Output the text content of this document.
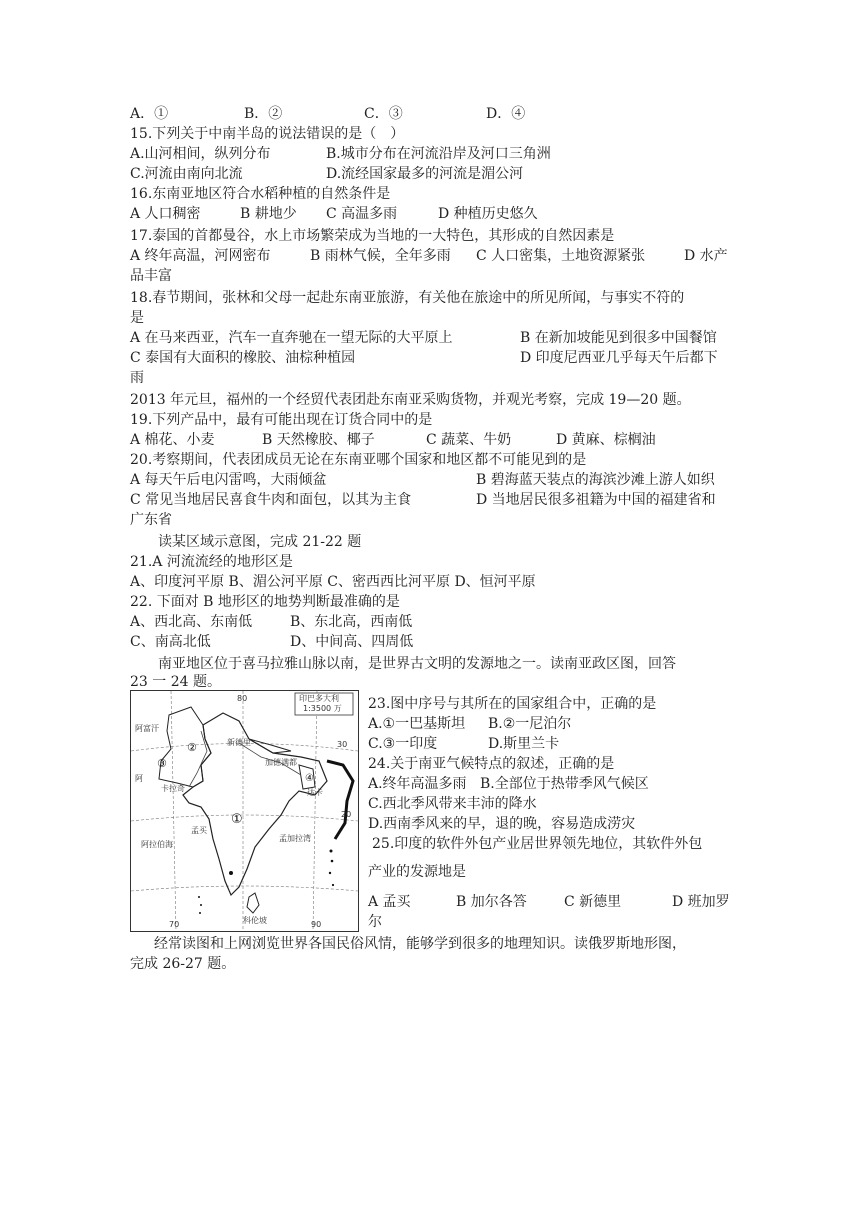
A．①	B．②	C．③	D．④
15.下列关于中南半岛的说法错误的是（　）
A.山河相间，纵列分布	B.城市分布在河流沿岸及河口三角洲
C.河流由南向北流	D.流经国家最多的河流是湄公河
16.东南亚地区符合水稻种植的自然条件是
A 人口稠密	B 耕地少 C 高温多雨	D 种植历史悠久
17.泰国的首都曼谷，水上市场繁荣成为当地的一大特色，其形成的自然因素是
A 终年高温，河网密布	B 雨林气候，全年多雨 C 人口密集，土地资源紧张	D 水产
品丰富
18.春节期间，张林和父母一起赴东南亚旅游，有关他在旅途中的所见所闻，与事实不符的
是
A 在马来西亚，汽车一直奔驰在一望无际的大平原上	B 在新加坡能见到很多中国餐馆
C 泰国有大面积的橡胶、油棕种植园	D 印度尼西亚几乎每天午后都下
雨
2013 年元旦，福州的一个经贸代表团赴东南亚采购货物，并观光考察，完成 19—20 题。
19.下列产品中，最有可能出现在订货合同中的是
A 棉花、小麦	B 天然橡胶、椰子	C 蔬菜、牛奶	D 黄麻、棕榈油
20.考察期间，代表团成员无论在东南亚哪个国家和地区都不可能见到的是
A 每天午后电闪雷鸣，大雨倾盆	B 碧海蓝天装点的海滨沙滩上游人如织
C 常见当地居民喜食牛肉和面包，以其为主食	D 当地居民很多祖籍为中国的福建省和
广东省
读某区域示意图，完成 21-22 题
21.A 河流流经的地形区是
A、印度河平原 B、湄公河平原 C、密西西比河平原 D、恒河平原
22. 下面对 B 地形区的地势判断最准确的是
A、西北高、东南低	B、东北高，西南低
C、南高北低	D、中间高、四周低
南亚地区位于喜马拉雅山脉以南，是世界古文明的发源地之一。读南亚政区图，回答
23 一 24 题。
印巴多大利
1:3500 万
80
30
20
70	90
①
②
③
④
阿富汗
阿
新德里
卡拉奇
加德满都
达卡
孟买
阿拉伯海
孟加拉湾
科伦坡
23.图中序号与其所在的国家组合中，正确的是
A.①一巴基斯坦 B.②一尼泊尔
C.③一印度	D.斯里兰卡
24.关于南亚气候特点的叙述，正确的是
A.终年高温多雨 B.全部位于热带季风气候区
C.西北季风带来丰沛的降水
D.西南季风来的早，退的晚，容易造成涝灾
25.印度的软件外包产业居世界领先地位，其软件外包
产业的发源地是
A 孟买	B 加尔各答	C 新德里	D 班加罗
尔
经常读图和上网浏览世界各国民俗风情，能够学到很多的地理知识。读俄罗斯地形图，
完成 26-27 题。
